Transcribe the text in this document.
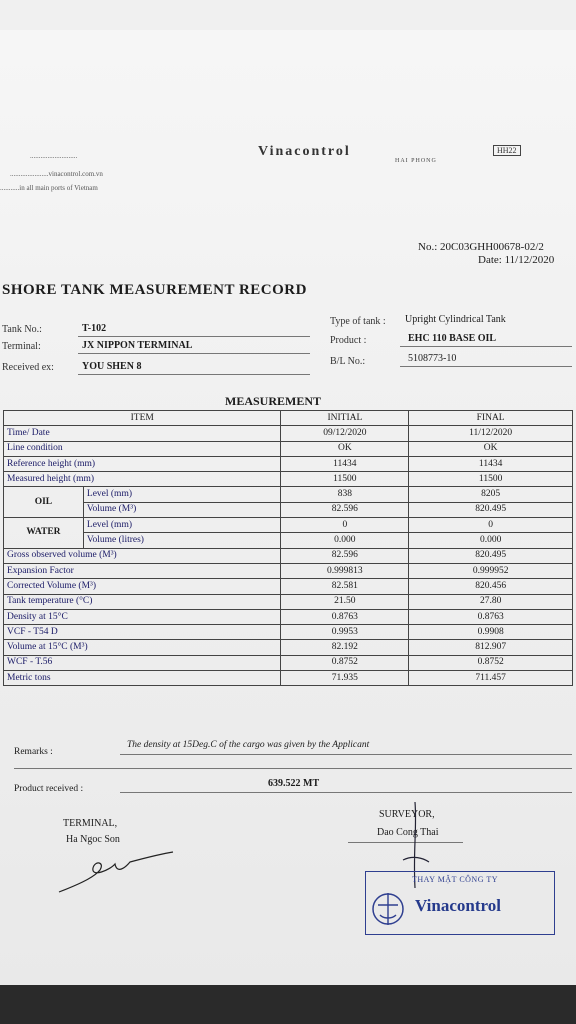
Vinacontrol
HAI PHONG
HH22
...........................
......................vinacontrol.com.vn
...........in all main ports of Vietnam
No.: 20C03GHH00678-02/2
Date: 11/12/2020
SHORE TANK MEASUREMENT RECORD
Tank No.:	T-102
Terminal:	JX NIPPON TERMINAL
Received ex:	YOU SHEN 8
Type of tank : Upright Cylindrical Tank
Product :	EHC 110 BASE OIL
B/L No.:	5108773-10
MEASUREMENT
ITEM		INITIAL	FINAL
Time/ Date		09/12/2020	11/12/2020
Line condition		OK	OK
Reference height (mm)		11434	11434
Measured height (mm)		11500	11500
OIL	Level (mm)	838	8205
	Volume (M³)	82.596	820.495
WATER	Level (mm)	0	0
	Volume (litres)	0.000	0.000
Gross observed volume (M³)		82.596	820.495
Expansion Factor		0.999813	0.999952
Corrected Volume (M³)		82.581	820.456
Tank temperature (°C)		21.50	27.80
Density at 15°C		0.8763	0.8763
VCF - T54 D		0.9953	0.9908
Volume at 15°C (M³)		82.192	812.907
WCF - T.56		0.8752	0.8752
Metric tons		71.935	711.457
Remarks :
The density at 15Deg.C of the cargo was given by the Applicant
Product received :	639.522 MT
TERMINAL,
Ha Ngoc Son
SURVEYOR,
Dao Cong Thai
THAY MẶT CÔNG TY
Vinacontrol
